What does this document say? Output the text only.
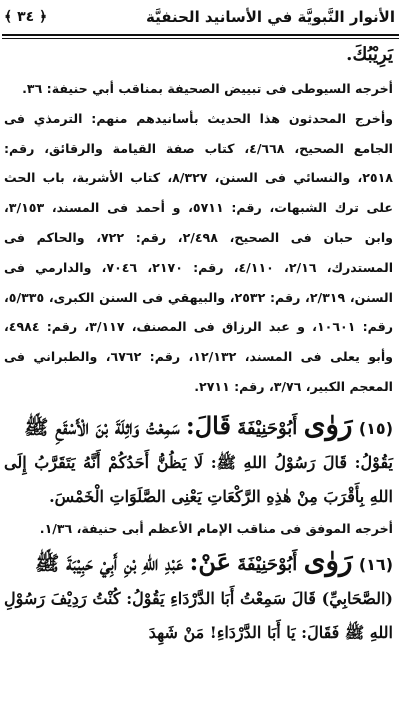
الأنوار النَّبويَّة في الأسانيد الحنفيَّة
﴾ ٣٤ ﴿

يَرِيْبُكَ.

أخرجه السيوطى فى تبييض الصحيفة بمناقب أبي حنيفة: ٣٦.

وأخرج المحدثون هذا الحديث بأسانيدهم منهم: الترمذي فى الجامع الصحيح، ٤/٦٦٨، كتاب صفة القيامة والرقائق، رقم: ٢٥١٨، والنسائي فى السنن، ٨/٣٢٧، كتاب الأشربة، باب الحث على ترك الشبهات، رقم: ٥٧١١، و أحمد فى المسند، ٣/١٥٣، وابن حبان فى الصحيح، ٢/٤٩٨، رقم: ٧٢٢، والحاكم فى المستدرك، ٢/١٦، ٤/١١٠، رقم: ٢١٧٠، ٧٠٤٦، والدارمي فى السنن، ٢/٣١٩، رقم: ٢٥٣٢، والبيهقي فى السنن الكبرى، ٥/٣٣٥، رقم: ١٠٦٠١، و عبد الرزاق فى المصنف، ٣/١١٧، رقم: ٤٩٨٤، وأبو يعلى فى المسند، ١٢/١٣٢، رقم: ٦٧٦٢، والطبراني فى المعجم الكبير، ٣/٧٦، رقم: ٢٧١١.

(١٥) رَوٰى أَبُوْحَنِيْفَةَ قَالَ: سَمِعْتُ وَاثِلَةَ بْنَ الْأَسْقَعِ ﷺ

يَقُوْلُ: قَالَ رَسُوْلُ اللهِ ﷺ: لَا يَظُنُّ أَحَدُكُمْ أَنَّهُ يَتَقَرَّبُ إِلَى اللهِ بِأَقْرَبَ مِنْ هٰذِهِ الرَّكْعَاتِ يَعْنِى الصَّلَوَاتِ الْخَمْسَ.

أخرجه الموفق فى مناقب الإمام الأعظم أبى حنيفة، ١/٣٦.

(١٦) رَوٰى أَبُوْحَنِيْفَةَ عَنْ: عَبْدِ اللهِ بْنِ أَبِيْ حَبِيْبَةَ ﷺ

(الصَّحَابِيِّ) قَالَ سَمِعْتُ أَبَا الدَّرْدَاءِ يَقُوْلُ: كُنْتُ رَدِيْفَ رَسُوْلِ اللهِ ﷺ فَقَالَ: يَا أَبَا الدَّرْدَاءِ! مَنْ شَهِدَ
